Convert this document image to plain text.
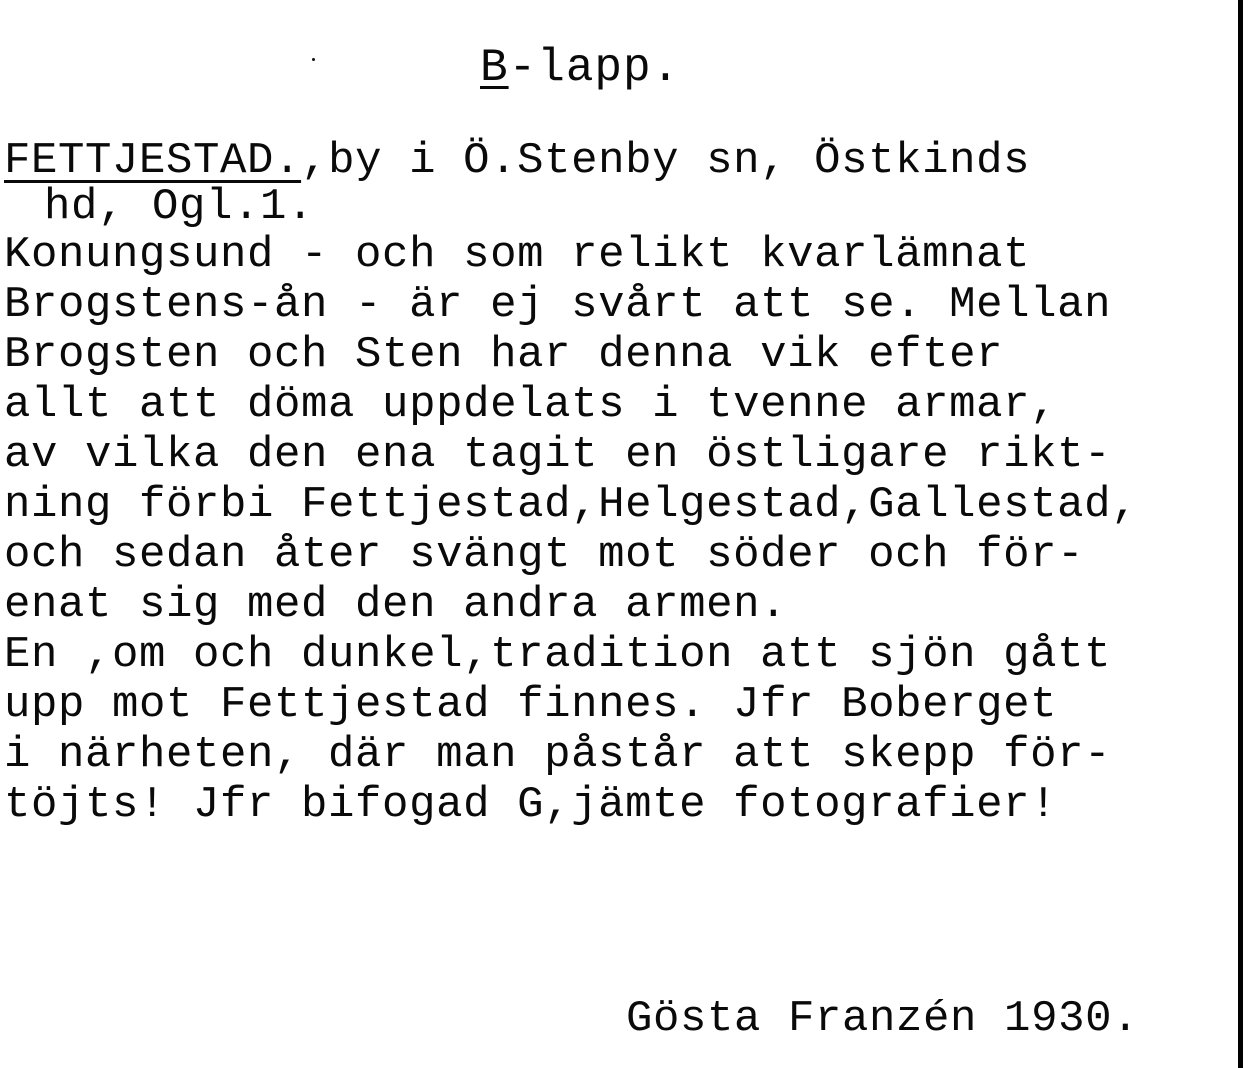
B-lapp.
FETTJESTAD.,by i Ö.Stenby sn, Östkinds
hd, Ogl.1.
Konungsund - och som relikt kvarlämnat
Brogstens-ån - är ej svårt att se. Mellan
Brogsten och Sten har denna vik efter
allt att döma uppdelats i tvenne armar,
av vilka den ena tagit en östligare rikt-
ning förbi Fettjestad,Helgestad,Gallestad,
och sedan åter svängt mot söder och för-
enat sig med den andra armen.
En ,om och dunkel,tradition att sjön gått
upp mot Fettjestad finnes. Jfr Boberget
i närheten, där man påstår att skepp för-
töjts! Jfr bifogad G,jämte fotografier!
Gösta Franzén 1930.
